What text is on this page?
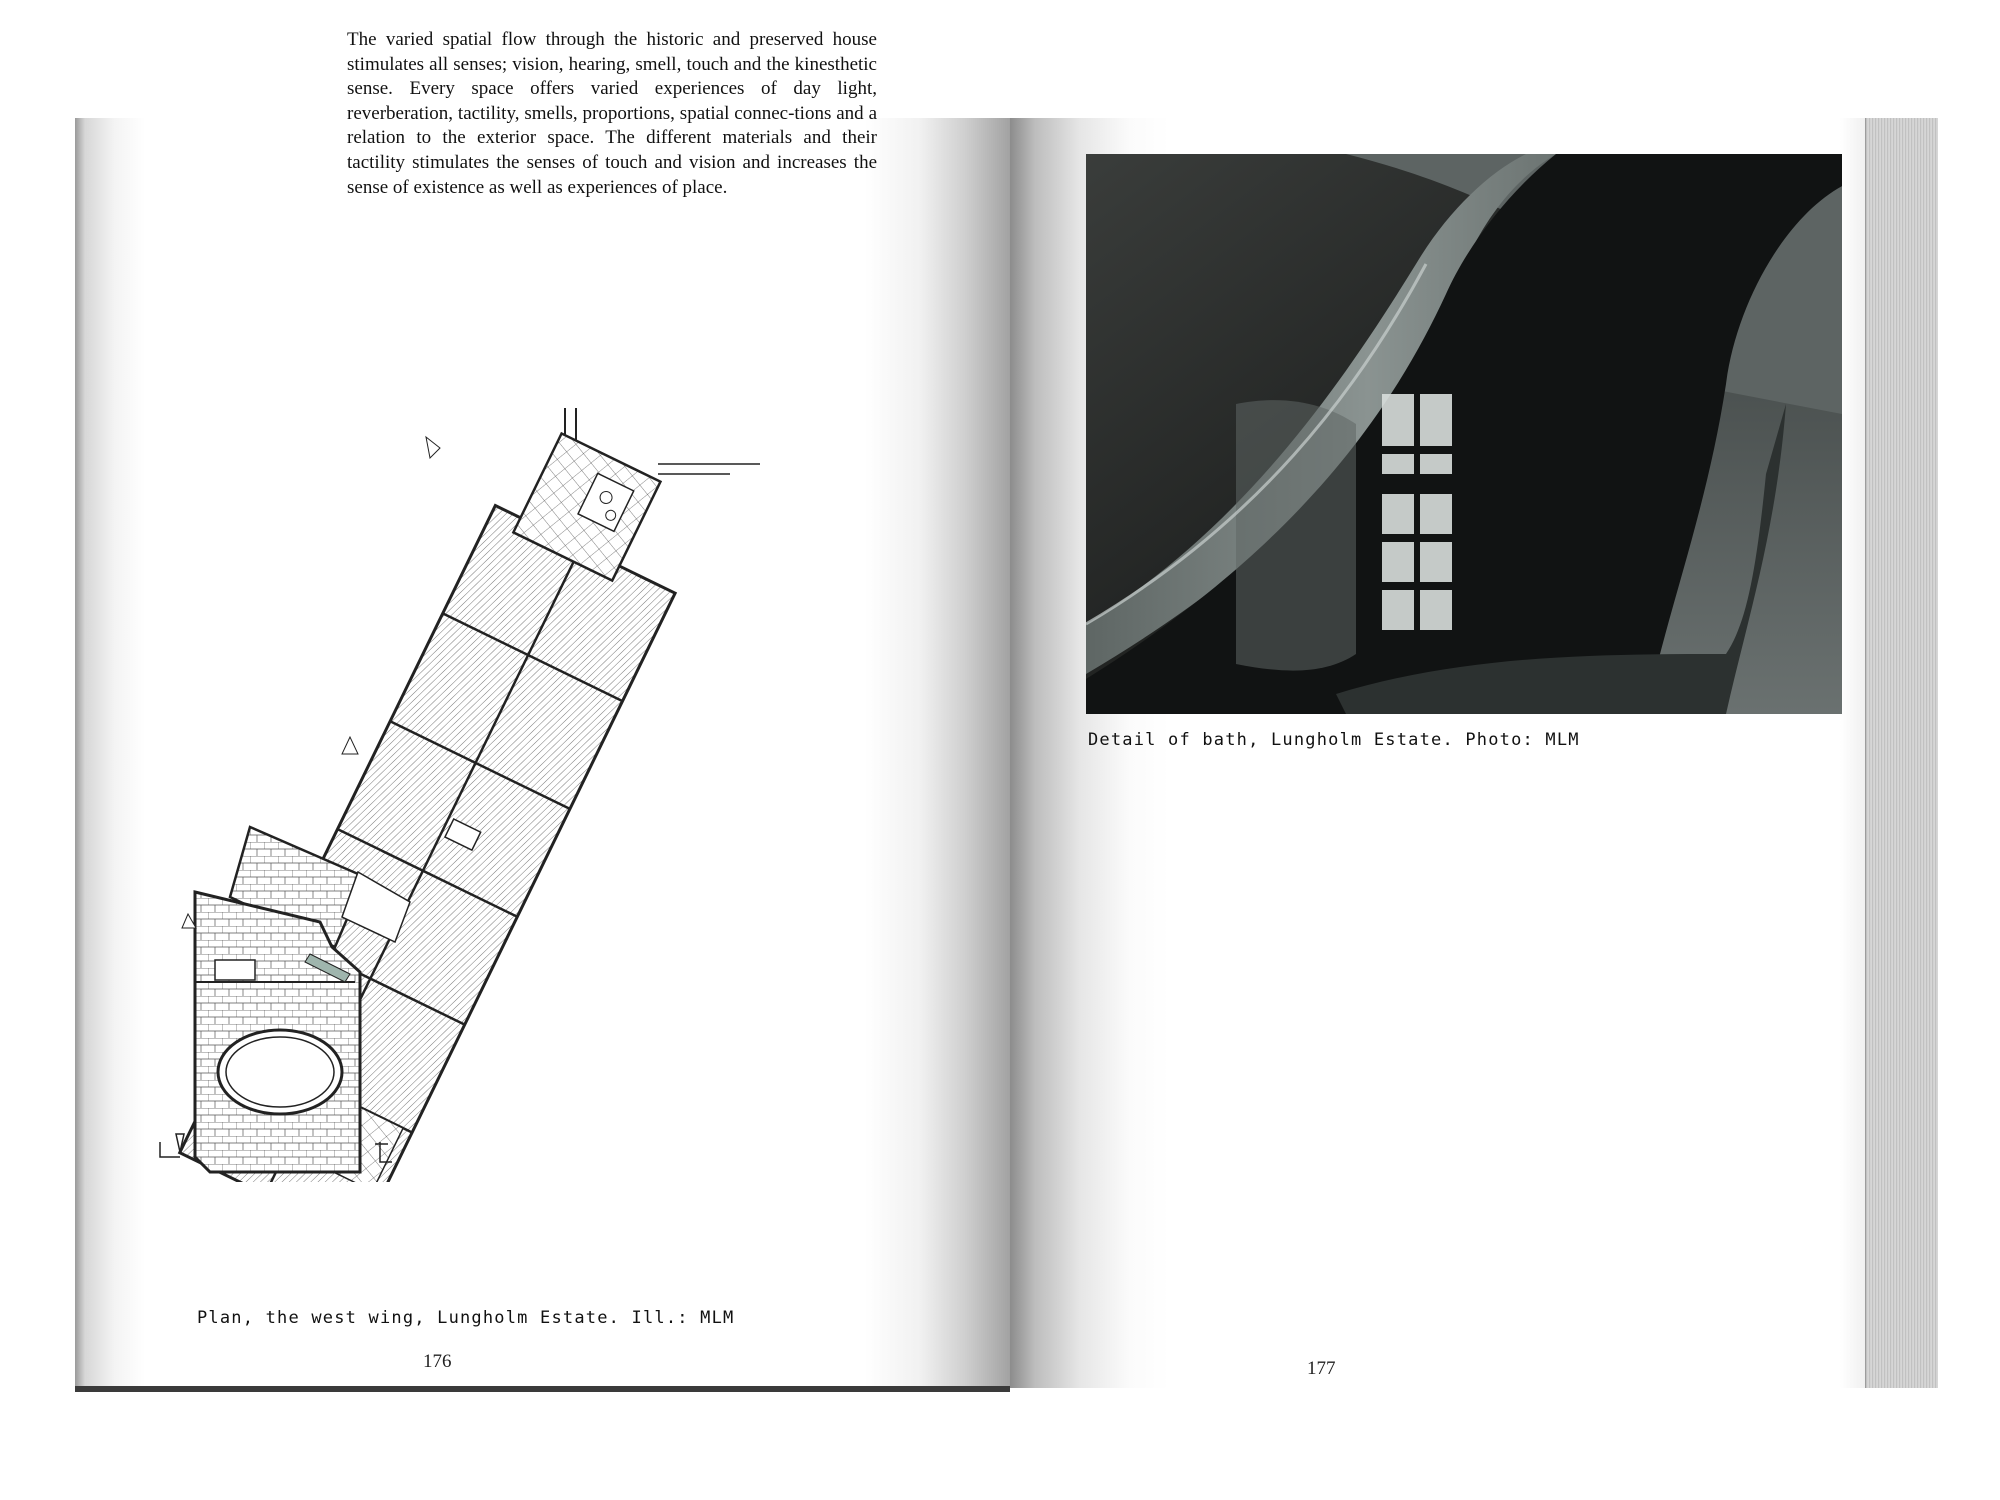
The varied spatial flow through the historic and preserved house stimulates all senses; vision, hearing, smell, touch and the kinesthetic sense. Every space offers varied experiences of day light, reverberation, tactility, smells, proportions, spatial connec-tions and a relation to the exterior space. The different materials and their tactility stimulates the senses of touch and vision and increases the sense of existence as well as experiences of place.
Plan, the west wing, Lungholm Estate. Ill.: MLM
176
Detail of bath, Lungholm Estate. Photo: MLM
177
